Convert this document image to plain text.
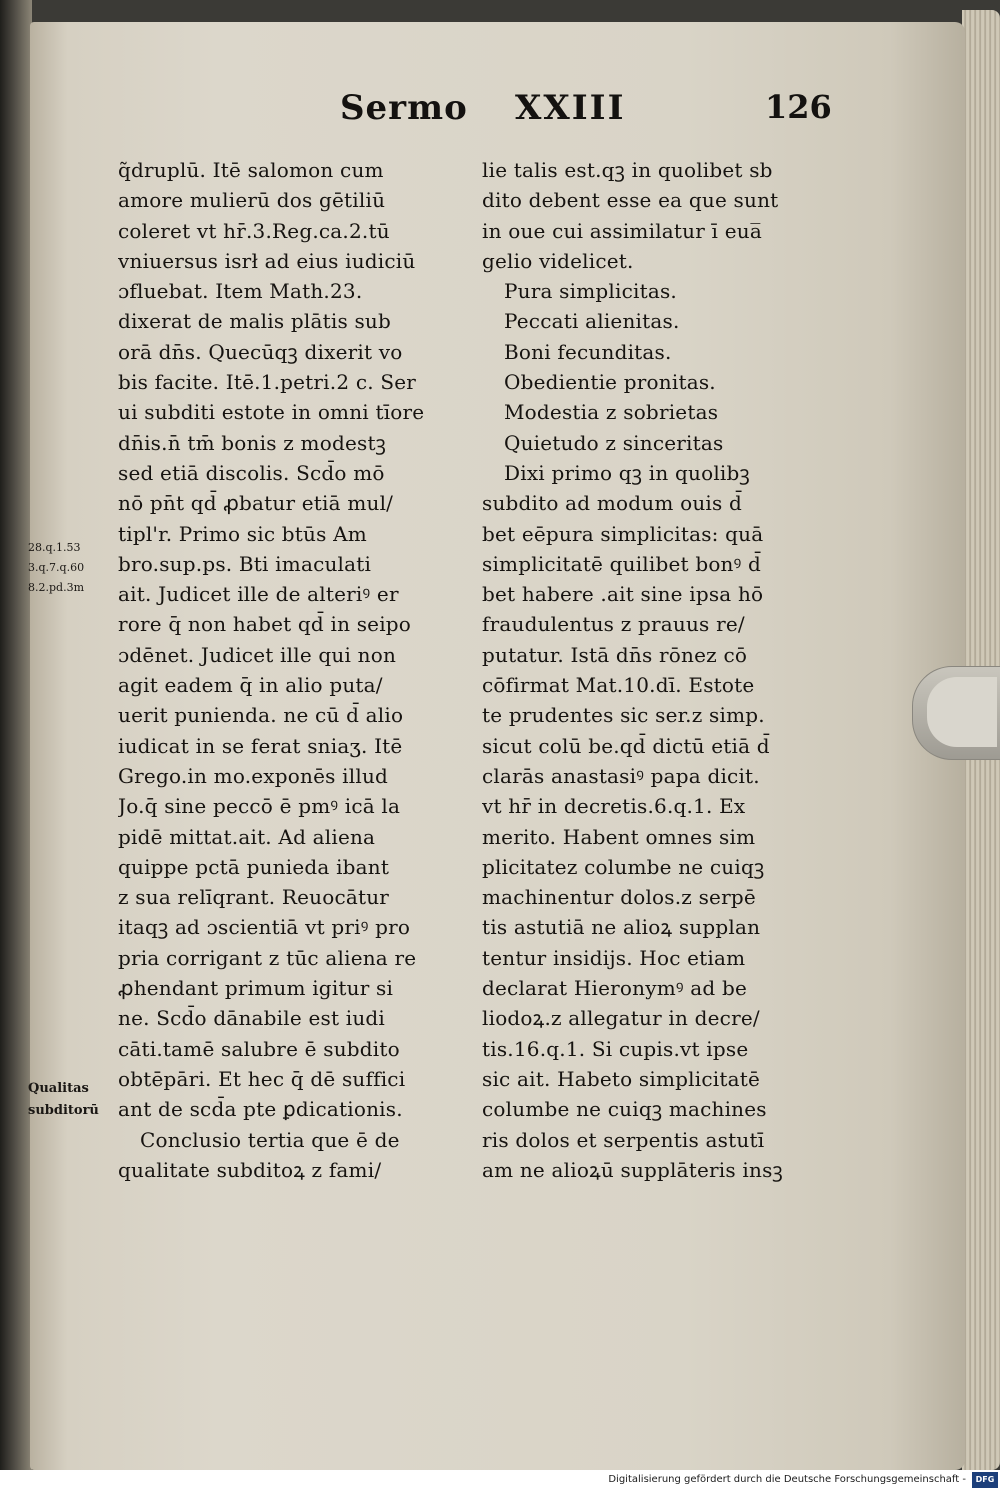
Sermo XXIII	126
q̃druplū. Itē salomon cum
amore mulierū dos gētiliū
coleret vt hr̄.3.Reg.ca.2.tū
vniuersus isrł ad eius iudiciū
ɔfluebat. Item Math.23.
dixerat de malis plātis sub
orā dn̄s. Quecūqꝫ dixerit vo
bis facite. Itē.1.petri.2 c. Ser
ui subditi estote in omni tīore
dn̄is.n̄ tm̄ bonis z modestꝫ
sed etiā discolis. Scd̄o mō
nō pn̄t qd̄ ꝓbatur etiā mul/
tipl'r. Primo sic btūs Am
bro.sup.ps. Bti imaculati
ait. Judicet ille de alteriꝰ er
rore q̄ non habet qd̄ in seipo
ɔdēnet. Judicet ille qui non
agit eadem q̄ in alio puta/
uerit punienda. ne cū d̄ alio
iudicat in se ferat sniaʒ. Itē
Grego.in mo.exponēs illud
Jo.q̄ sine peccō ē pmꝰ icā la
pidē mittat.ait. Ad aliena
quippe pctā punieda ibant
z sua relīqrant. Reuocātur
itaqꝫ ad ɔscientiā vt priꝰ pro
pria corrigant z tūc aliena re
ꝓhendant primum igitur si
ne. Scd̄o dānabile est iudi
cāti.tamē salubre ē subdito
obtēpāri. Et hec q̄ dē suffici
ant de scd̄a pte ꝑdicationis.
Conclusio tertia que ē de
qualitate subditoꝝ z fami/
lie talis est.qꝫ in quolibet sb
dito debent esse ea que sunt
in oue cui assimilatur ī eua̅
gelio videlicet.
Pura simplicitas.
Peccati alienitas.
Boni fecunditas.
Obedientie pronitas.
Modestia z sobrietas
Quietudo z sinceritas
Dixi primo qꝫ in quolibꝫ
subdito ad modum ouis d̄
bet eēpura simplicitas: quā
simplicitatē quilibet bonꝰ d̄
bet habere .ait sine ipsa hō
fraudulentus z prauus re/
putatur. Istā dn̄s rōnez cō
cōfirmat Mat.10.dī. Estote
te prudentes sic ser.z simp.
sicut colū be.qd̄ dictū etiā d̄
clarās anastasiꝰ papa dicit.
vt hr̄ in decretis.6.q.1. Ex
merito. Habent omnes sim
plicitatez columbe ne cuiqꝫ
machinentur dolos.z serpē
tis astutiā ne alioꝝ supplan
tentur insidijs. Hoc etiam
declarat Hieronymꝰ ad be
liodoꝝ.z allegatur in decre/
tis.16.q.1. Si cupis.vt ipse
sic ait. Habeto simplicitatē
columbe ne cuiqꝫ machines
ris dolos et serpentis astutī
am ne alioꝝū supplāteris insꝫ
28.q.1.53
3.q.7.q.60
8.2.pd.3m
Qualitas
subditorū
Digitalisierung gefördert durch die Deutsche Forschungsgemeinschaft -	DFG
